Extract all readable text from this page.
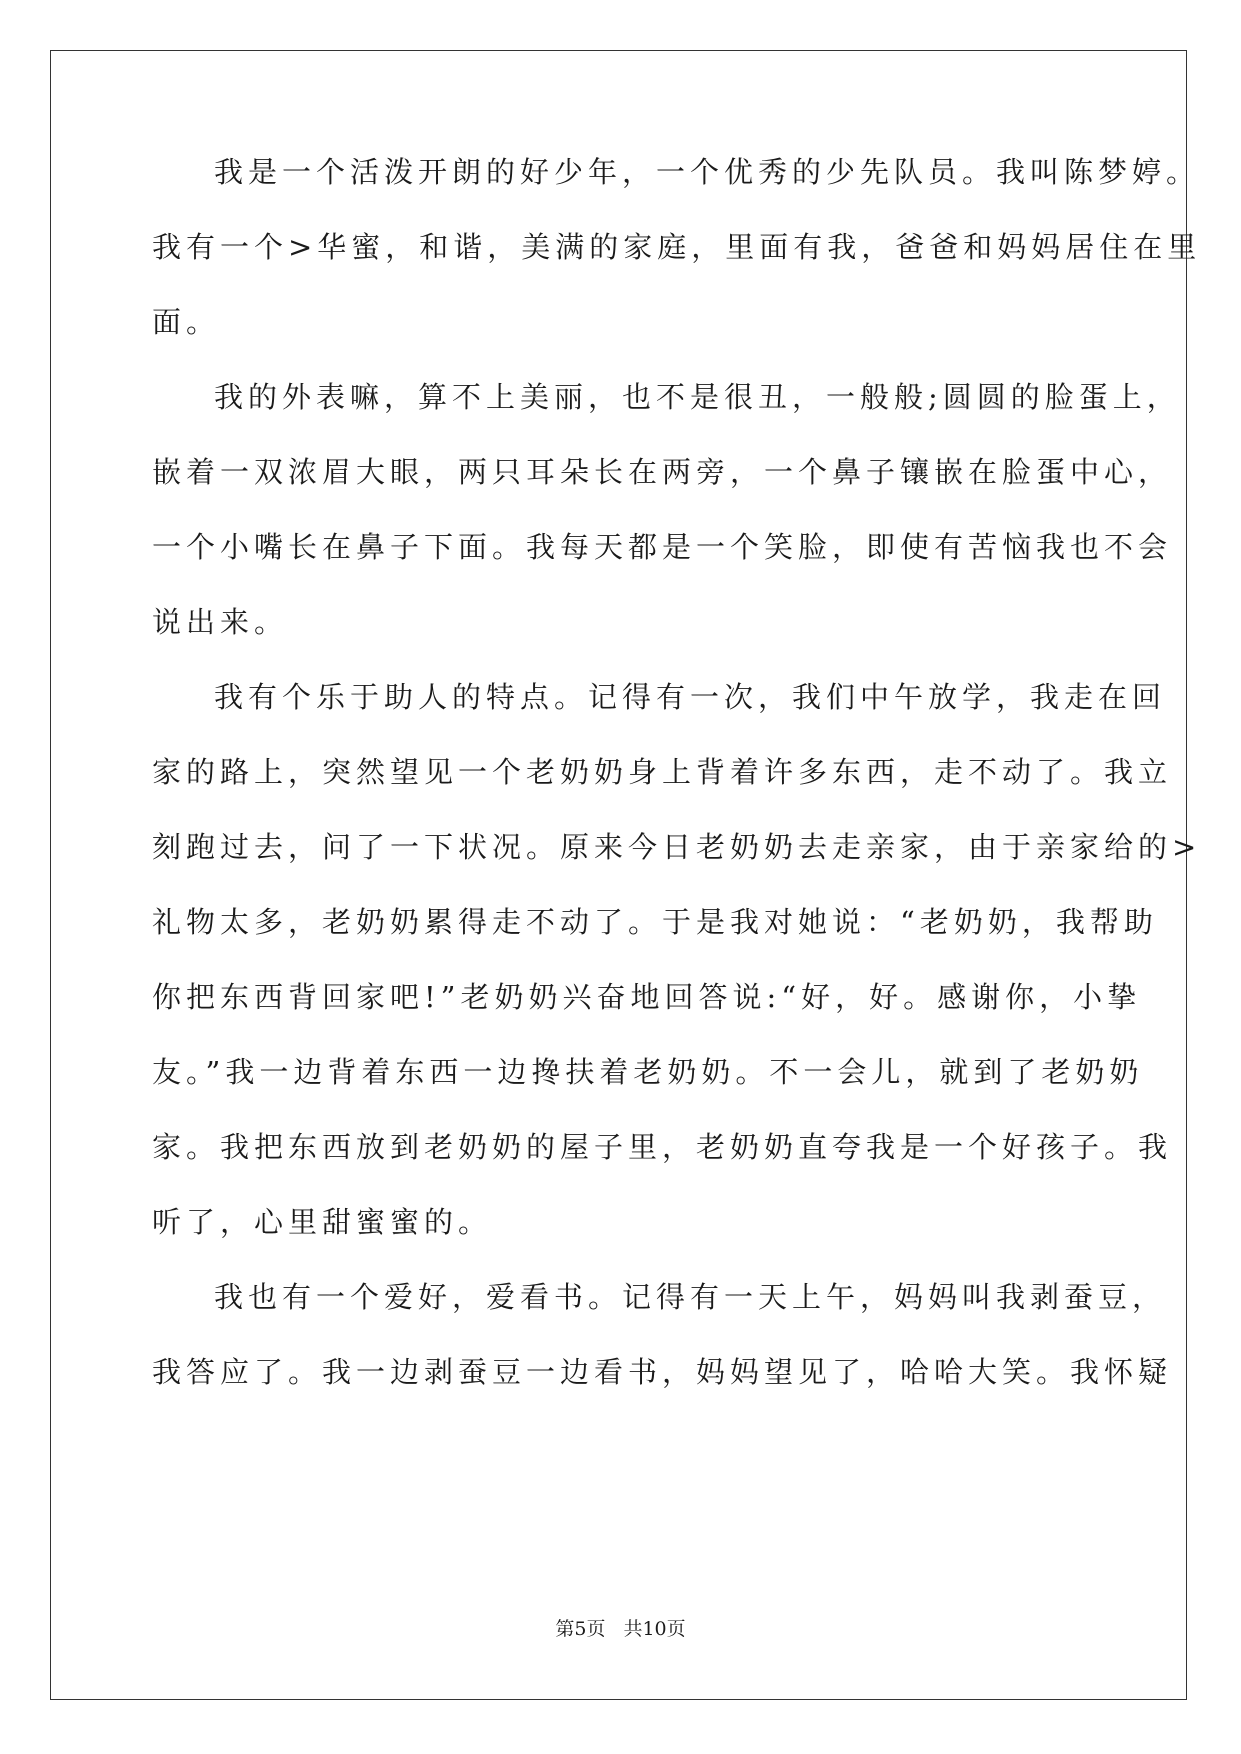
我是一个活泼开朗的好少年，一个优秀的少先队员。我叫陈梦婷。

我有一个>华蜜，和谐，美满的家庭，里面有我，爸爸和妈妈居住在里

面。

我的外表嘛，算不上美丽，也不是很丑，一般般;圆圆的脸蛋上，

嵌着一双浓眉大眼，两只耳朵长在两旁，一个鼻子镶嵌在脸蛋中心，

一个小嘴长在鼻子下面。我每天都是一个笑脸，即使有苦恼我也不会

说出来。

我有个乐于助人的特点。记得有一次，我们中午放学，我走在回

家的路上，突然望见一个老奶奶身上背着许多东西，走不动了。我立

刻跑过去，问了一下状况。原来今日老奶奶去走亲家，由于亲家给的>

礼物太多，老奶奶累得走不动了。于是我对她说：“老奶奶，我帮助

你把东西背回家吧!”老奶奶兴奋地回答说:“好，好。感谢你，小挚

友。”我一边背着东西一边搀扶着老奶奶。不一会儿，就到了老奶奶

家。我把东西放到老奶奶的屋子里，老奶奶直夸我是一个好孩子。我

听了，心里甜蜜蜜的。

我也有一个爱好，爱看书。记得有一天上午，妈妈叫我剥蚕豆，

我答应了。我一边剥蚕豆一边看书，妈妈望见了，哈哈大笑。我怀疑

第5页 共10页
